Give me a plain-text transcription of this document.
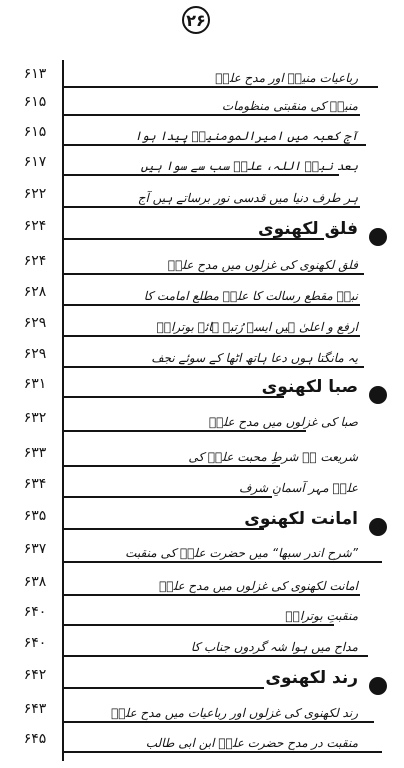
۲۶
۶۱۳	رباعیات منیرؔ اور مدحِ علیؑ
۶۱۵	منیرؔ کی منقبتی منظومات
۶۱۵	آج کعبہ میں امیرالمومنینؑ پیدا ہوا
۶۱۷	بعد نبیؐ اللہ، علیؑ سب سے سوا ہیں
۶۲۲	ہر طرف دنیا میں قدسی نور برساتے ہیں آج
۶۲۴	فلق لکھنوی
۶۲۴	فلق لکھنوی کی غزلوں میں مدحِ علیؑ
۶۲۸	نبیؐ مقطع رسالت کا علیؑ مطلع امامت کا
۶۲۹	ارفع و اعلیٰ ہیں ایسے رُتبہ ہائے بوترابؑ
۶۲۹	یہ مانگتا ہوں دعا ہاتھ اٹھا کے سوئے نجف
۶۳۱	صبا لکھنوی
۶۳۲	صبا کی غزلوں میں مدحِ علیؑ
۶۳۳	شریعت ہے شرطِ محبت علیؑ کی
۶۳۴	علیؑ مہر آسمانِ شرف
۶۳۵	امانت لکھنوی
۶۳۷	”شرحِ اندر سبھا“ میں حضرت علیؑ کی منقبت
۶۳۸	امانت لکھنوی کی غزلوں میں مدحِ علیؑ
۶۴۰	منقبتِ بوترابؑ
۶۴۰	مداح میں ہوا شہ گردوں جناب کا
۶۴۲	رند لکھنوی
۶۴۳	رند لکھنوی کی غزلوں اور رباعیات میں مدحِ علیؑ
۶۴۵	منقبت در مدحِ حضرت علیؑ ابن ابی طالب
